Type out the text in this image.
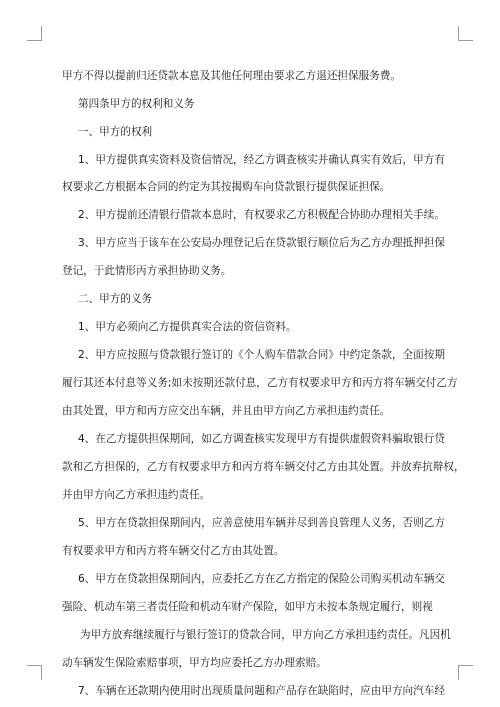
甲方不得以提前归还贷款本息及其他任何理由要求乙方退还担保服务费。
第四条甲方的权利和义务
一、甲方的权利
1、甲方提供真实资料及资信情况，经乙方调查核实并确认真实有效后，甲方有
权要求乙方根据本合同的约定为其按揭购车向贷款银行提供保证担保。
2、甲方提前还清银行借款本息时，有权要求乙方积极配合协助办理相关手续。
3、甲方应当于该车在公安局办理登记后在贷款银行顺位后为乙方办理抵押担保
登记，于此情形丙方承担协助义务。
二、甲方的义务
1、甲方必须向乙方提供真实合法的资信资料。
2、甲方应按照与贷款银行签订的《个人购车借款合同》中约定条款，全面按期
履行其还本付息等义务;如未按期还款付息，乙方有权要求甲方和丙方将车辆交付乙方
由其处置，甲方和丙方应交出车辆，并且由甲方向乙方承担违约责任。
4、在乙方提供担保期间，如乙方调查核实发现甲方有提供虚假资料骗取银行贷
款和乙方担保的，乙方有权要求甲方和丙方将车辆交付乙方由其处置。并放弃抗辩权，
并由甲方向乙方承担违约责任。
5、甲方在贷款担保期间内，应善意使用车辆并尽到善良管理人义务，否则乙方
有权要求甲方和丙方将车辆交付乙方由其处置。
6、甲方在贷款担保期间内，应委托乙方在乙方指定的保险公司购买机动车辆交
强险、机动车第三者责任险和机动车财产保险，如甲方未按本条规定履行，则视
为甲方放弃继续履行与银行签订的贷款合同，甲方向乙方承担违约责任。凡因机
动车辆发生保险索赔事项，甲方均应委托乙方办理索赔。
7、车辆在还款期内使用时出现质量问题和产品存在缺陷时，应由甲方向汽车经
